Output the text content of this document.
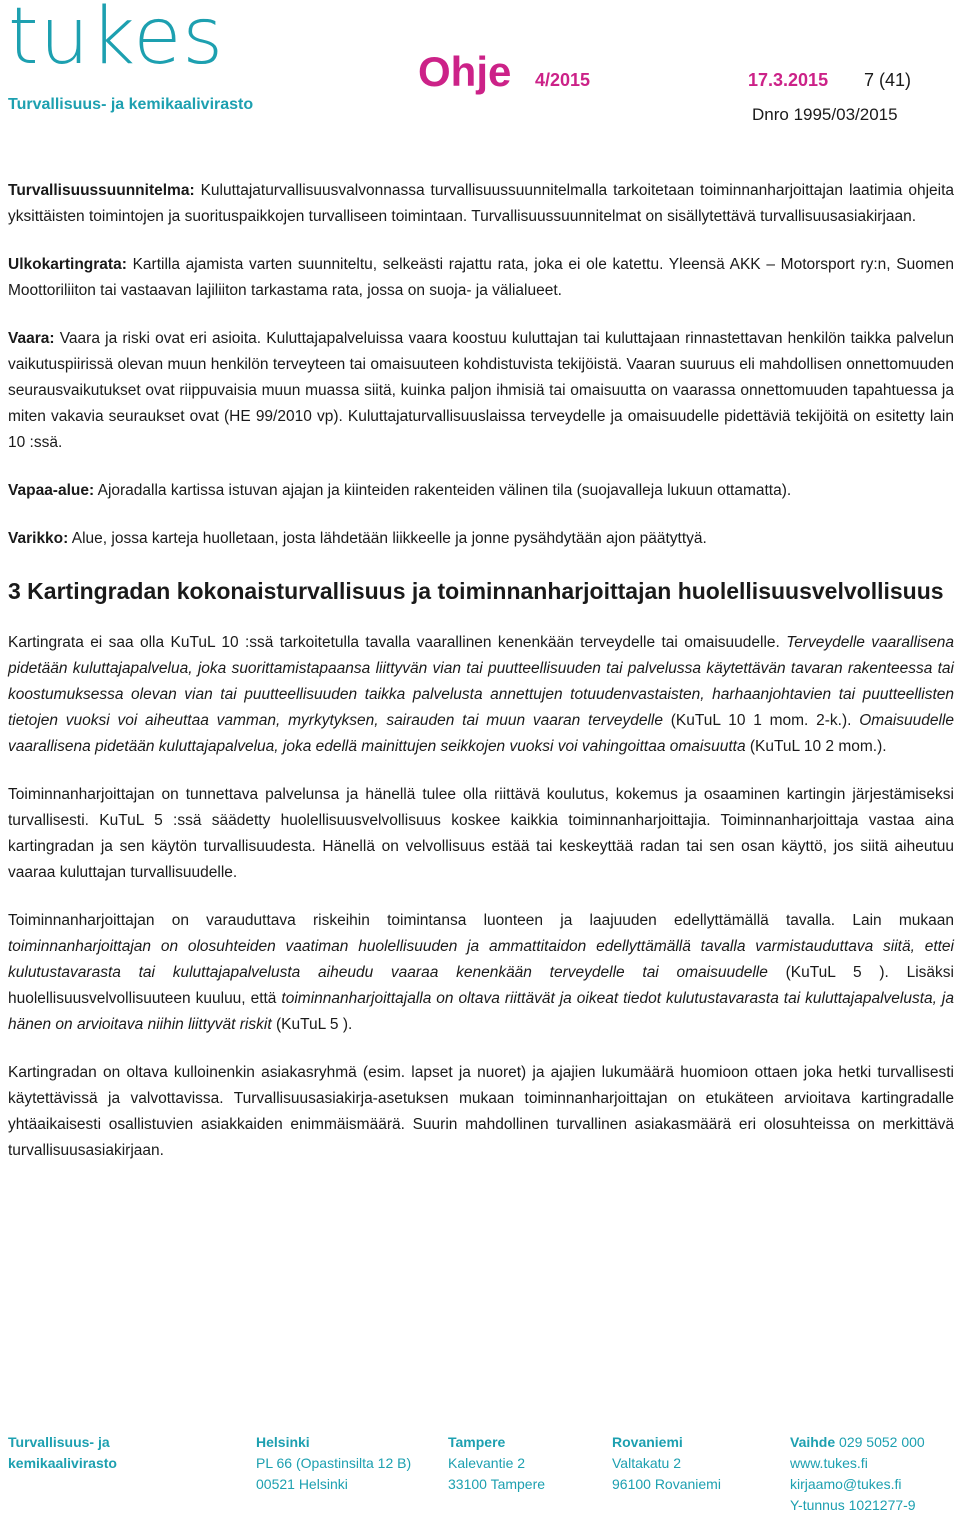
tukes
Turvallisuus- ja kemikaalivirasto
Ohje 4/2015	17.3.2015 7 (41)
Dnro 1995/03/2015

Turvallisuussuunnitelma: Kuluttajaturvallisuusvalvonnassa turvallisuussuunnitelmalla tarkoitetaan toiminnanharjoittajan laatimia ohjeita yksittäisten toimintojen ja suorituspaikkojen turvalliseen toimintaan. Turvallisuussuunnitelmat on sisällytettävä turvallisuusasiakirjaan.

Ulkokartingrata: Kartilla ajamista varten suunniteltu, selkeästi rajattu rata, joka ei ole katettu. Yleensä AKK – Motorsport ry:n, Suomen Moottoriliiton tai vastaavan lajiliiton tarkastama rata, jossa on suoja- ja välialueet.

Vaara: Vaara ja riski ovat eri asioita. Kuluttajapalveluissa vaara koostuu kuluttajan tai kuluttajaan rinnastettavan henkilön taikka palvelun vaikutuspiirissä olevan muun henkilön terveyteen tai omaisuuteen kohdistuvista tekijöistä. Vaaran suuruus eli mahdollisen onnettomuuden seurausvaikutukset ovat riippuvaisia muun muassa siitä, kuinka paljon ihmisiä tai omaisuutta on vaarassa onnettomuuden tapahtuessa ja miten vakavia seuraukset ovat (HE 99/2010 vp). Kuluttajaturvallisuuslaissa terveydelle ja omaisuudelle pidettäviä tekijöitä on esitetty lain 10 :ssä.

Vapaa-alue: Ajoradalla kartissa istuvan ajajan ja kiinteiden rakenteiden välinen tila (suojavalleja lukuun ottamatta).

Varikko: Alue, jossa karteja huolletaan, josta lähdetään liikkeelle ja jonne pysähdytään ajon päätyttyä.

3 Kartingradan kokonaisturvallisuus ja toiminnanharjoittajan huolellisuusvelvollisuus

Kartingrata ei saa olla KuTuL 10 :ssä tarkoitetulla tavalla vaarallinen kenenkään terveydelle tai omaisuudelle. Terveydelle vaarallisena pidetään kuluttajapalvelua, joka suorittamistapaansa liittyvän vian tai puutteellisuuden tai palvelussa käytettävän tavaran rakenteessa tai koostumuksessa olevan vian tai puutteellisuuden taikka palvelusta annettujen totuudenvastaisten, harhaanjohtavien tai puutteellisten tietojen vuoksi voi aiheuttaa vamman, myrkytyksen, sairauden tai muun vaaran terveydelle (KuTuL 10 1 mom. 2-k.). Omaisuudelle vaarallisena pidetään kuluttajapalvelua, joka edellä mainittujen seikkojen vuoksi voi vahingoittaa omaisuutta (KuTuL 10 2 mom.).

Toiminnanharjoittajan on tunnettava palvelunsa ja hänellä tulee olla riittävä koulutus, kokemus ja osaaminen kartingin järjestämiseksi turvallisesti. KuTuL 5 :ssä säädetty huolellisuusvelvollisuus koskee kaikkia toiminnanharjoittajia. Toiminnanharjoittaja vastaa aina kartingradan ja sen käytön turvallisuudesta. Hänellä on velvollisuus estää tai keskeyttää radan tai sen osan käyttö, jos siitä aiheutuu vaaraa kuluttajan turvallisuudelle.

Toiminnanharjoittajan on varauduttava riskeihin toimintansa luonteen ja laajuuden edellyttämällä tavalla. Lain mukaan toiminnanharjoittajan on olosuhteiden vaatiman huolellisuuden ja ammattitaidon edellyttämällä tavalla varmistauduttava siitä, ettei kulutustavarasta tai kuluttajapalvelusta aiheudu vaaraa kenenkään terveydelle tai omaisuudelle (KuTuL 5 ). Lisäksi huolellisuusvelvollisuuteen kuuluu, että toiminnanharjoittajalla on oltava riittävät ja oikeat tiedot kulutustavarasta tai kuluttajapalvelusta, ja hänen on arvioitava niihin liittyvät riskit (KuTuL 5 ).

Kartingradan on oltava kulloinenkin asiakasryhmä (esim. lapset ja nuoret) ja ajajien lukumäärä huomioon ottaen joka hetki turvallisesti käytettävissä ja valvottavissa. Turvallisuusasiakirja-asetuksen mukaan toiminnanharjoittajan on etukäteen arvioitava kartingradalle yhtäaikaisesti osallistuvien asiakkaiden enimmäismäärä. Suurin mahdollinen turvallinen asiakasmäärä eri olosuhteissa on merkittävä turvallisuusasiakirjaan.

Turvallisuus- ja
kemikaalivirasto
Helsinki
PL 66 (Opastinsilta 12 B)
00521 Helsinki
Tampere
Kalevantie 2
33100 Tampere
Rovaniemi
Valtakatu 2
96100 Rovaniemi
Vaihde 029 5052 000
www.tukes.fi
kirjaamo@tukes.fi
Y-tunnus 1021277-9
